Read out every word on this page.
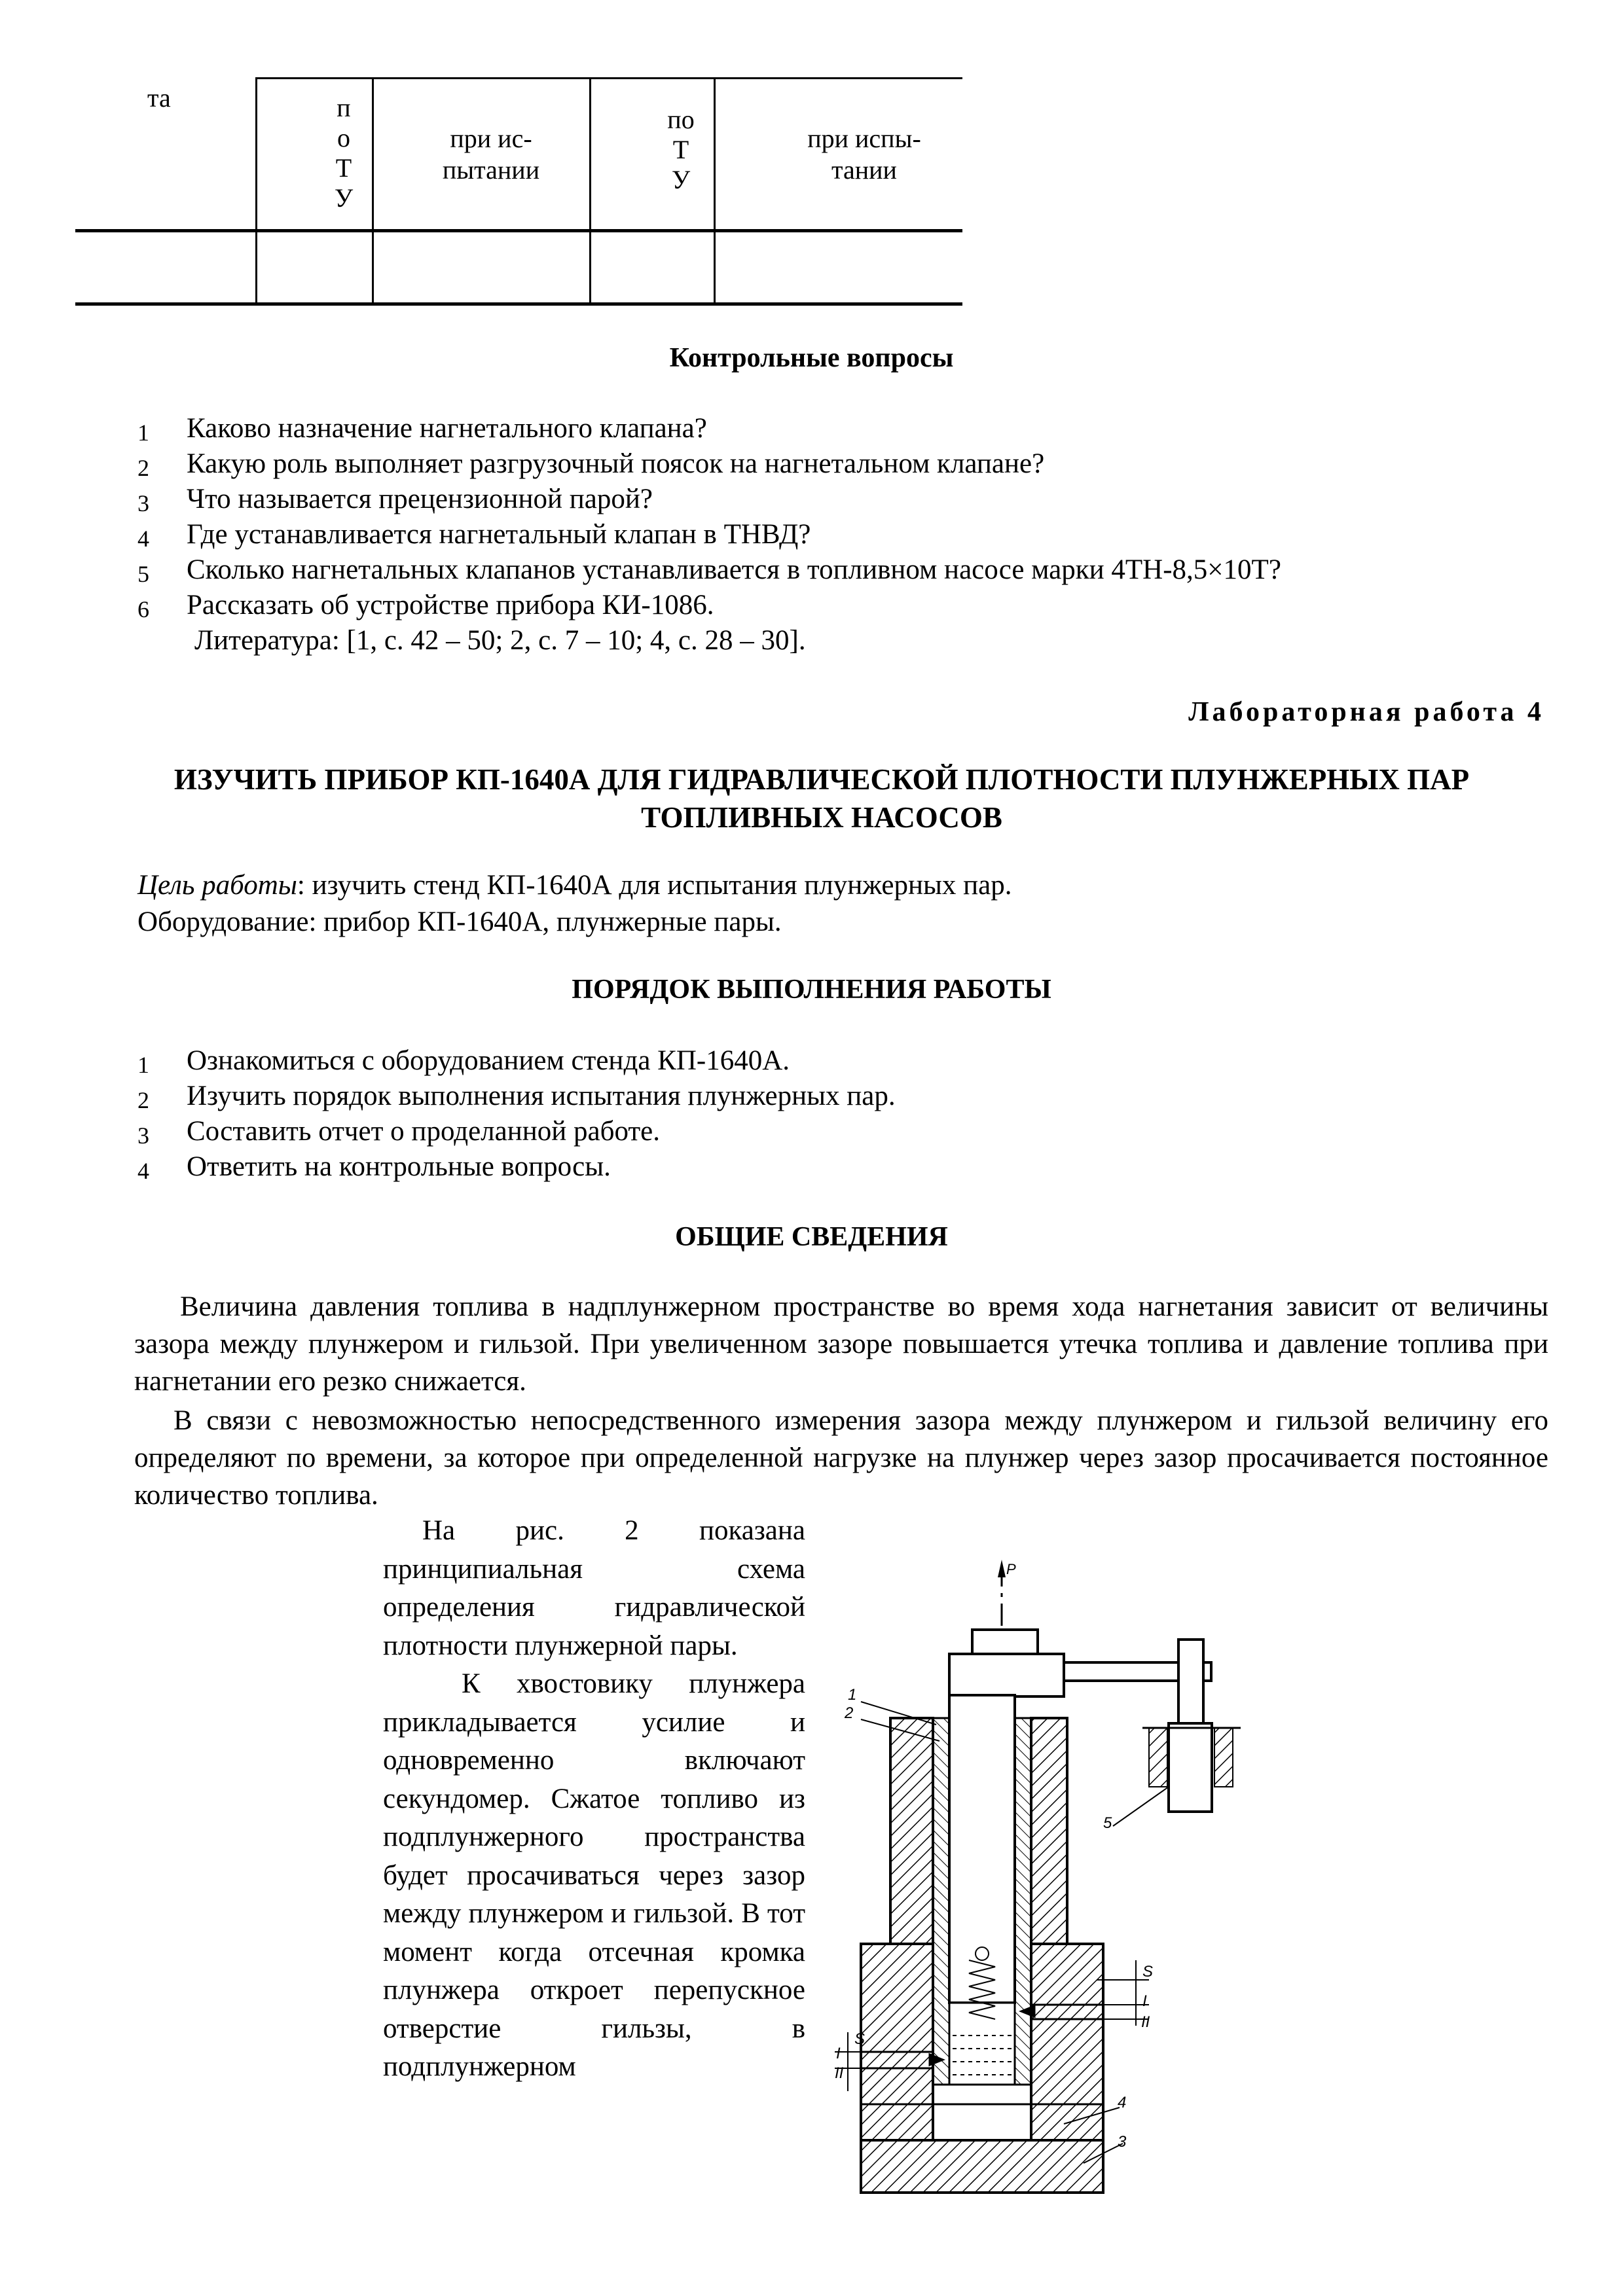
та	п
о
Т
У
при ис-
пытании
по
Т
У
при испы-
тании
Контрольные вопросы
1 Каково назначение нагнетального клапана?
2 Какую роль выполняет разгрузочный поясок на нагнетальном клапане?
3 Что называется прецензионной парой?
4 Где устанавливается нагнетальный клапан в ТНВД?
5 Сколько нагнетальных клапанов устанавливается в топливном насосе марки 4ТН-8,5×10Т?
6 Рассказать об устройстве прибора КИ-1086.
Литература: [1, с. 42 – 50; 2, с. 7 – 10; 4, с. 28 – 30].
Лабораторная работа 4
ИЗУЧИТЬ ПРИБОР КП-1640А ДЛЯ ГИДРАВЛИЧЕСКОЙ ПЛОТНОСТИ ПЛУНЖЕРНЫХ ПАР
ТОПЛИВНЫХ НАСОСОВ
Цель работы: изучить стенд КП-1640А для испытания плунжерных пар.
Оборудование: прибор КП-1640А, плунжерные пары.
ПОРЯДОК ВЫПОЛНЕНИЯ РАБОТЫ
1 Ознакомиться с оборудованием стенда КП-1640А.
2 Изучить порядок выполнения испытания плунжерных пар.
3 Составить отчет о проделанной работе.
4 Ответить на контрольные вопросы.
ОБЩИЕ СВЕДЕНИЯ
Величина давления топлива в надплунжерном пространстве во время хода нагнетания зависит от величины зазора между плунжером и гильзой. При увеличенном зазоре повышается утечка топлива и давление топлива при нагнетании его резко снижается.
В связи с невозможностью непосредственного измерения зазора между плунжером и гильзой величину его определяют по времени, за которое при определенной нагрузке на плунжер через зазор просачивается постоянное количество топлива.

На рис. 2 показана принципиальная схема определения гидравлической плотности плунжерной пары.

К хвостовику плунжера прикладывается усилие и одновременно включают секундомер. Сжатое топливо из подплунжерного пространства будет просачиваться через зазор между плунжером и гильзой. В тот момент когда отсечная кромка плунжера откроет перепускное отверстие гильзы, в подплунжерном

P
1
2
3
4
5
S
I
II
S
I
II
